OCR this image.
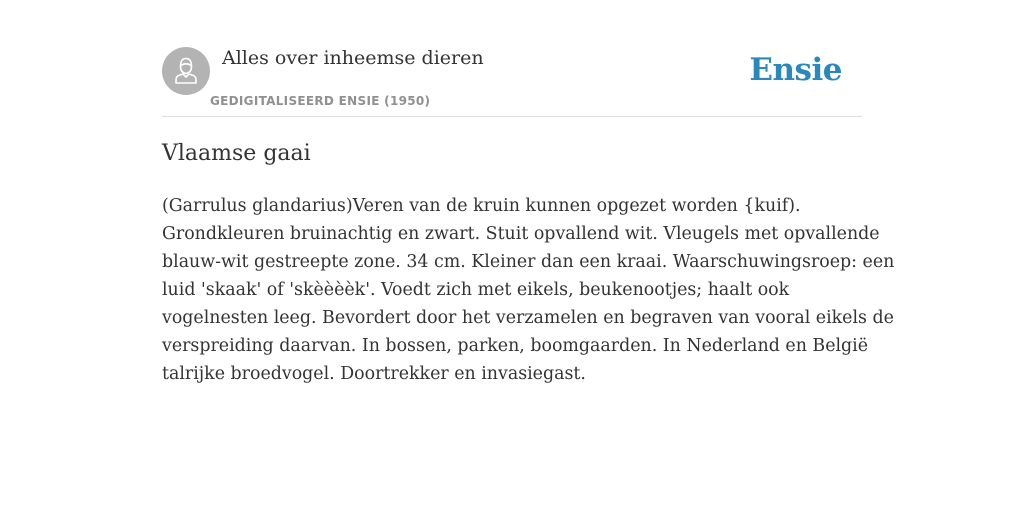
Alles over inheemse dieren
GEDIGITALISEERD ENSIE (1950)
Ensie
Vlaamse gaai

(Garrulus glandarius)Veren van de kruin kunnen opgezet worden {kuif).
Grondkleuren bruinachtig en zwart. Stuit opvallend wit. Vleugels met opvallende
blauw-wit gestreepte zone. 34 cm. Kleiner dan een kraai. Waarschuwingsroep: een
luid 'skaak' of 'skèèèèk'. Voedt zich met eikels, beukenootjes; haalt ook
vogelnesten leeg. Bevordert door het verzamelen en begraven van vooral eikels de
verspreiding daarvan. In bossen, parken, boomgaarden. In Nederland en België
talrijke broedvogel. Doortrekker en invasiegast.
